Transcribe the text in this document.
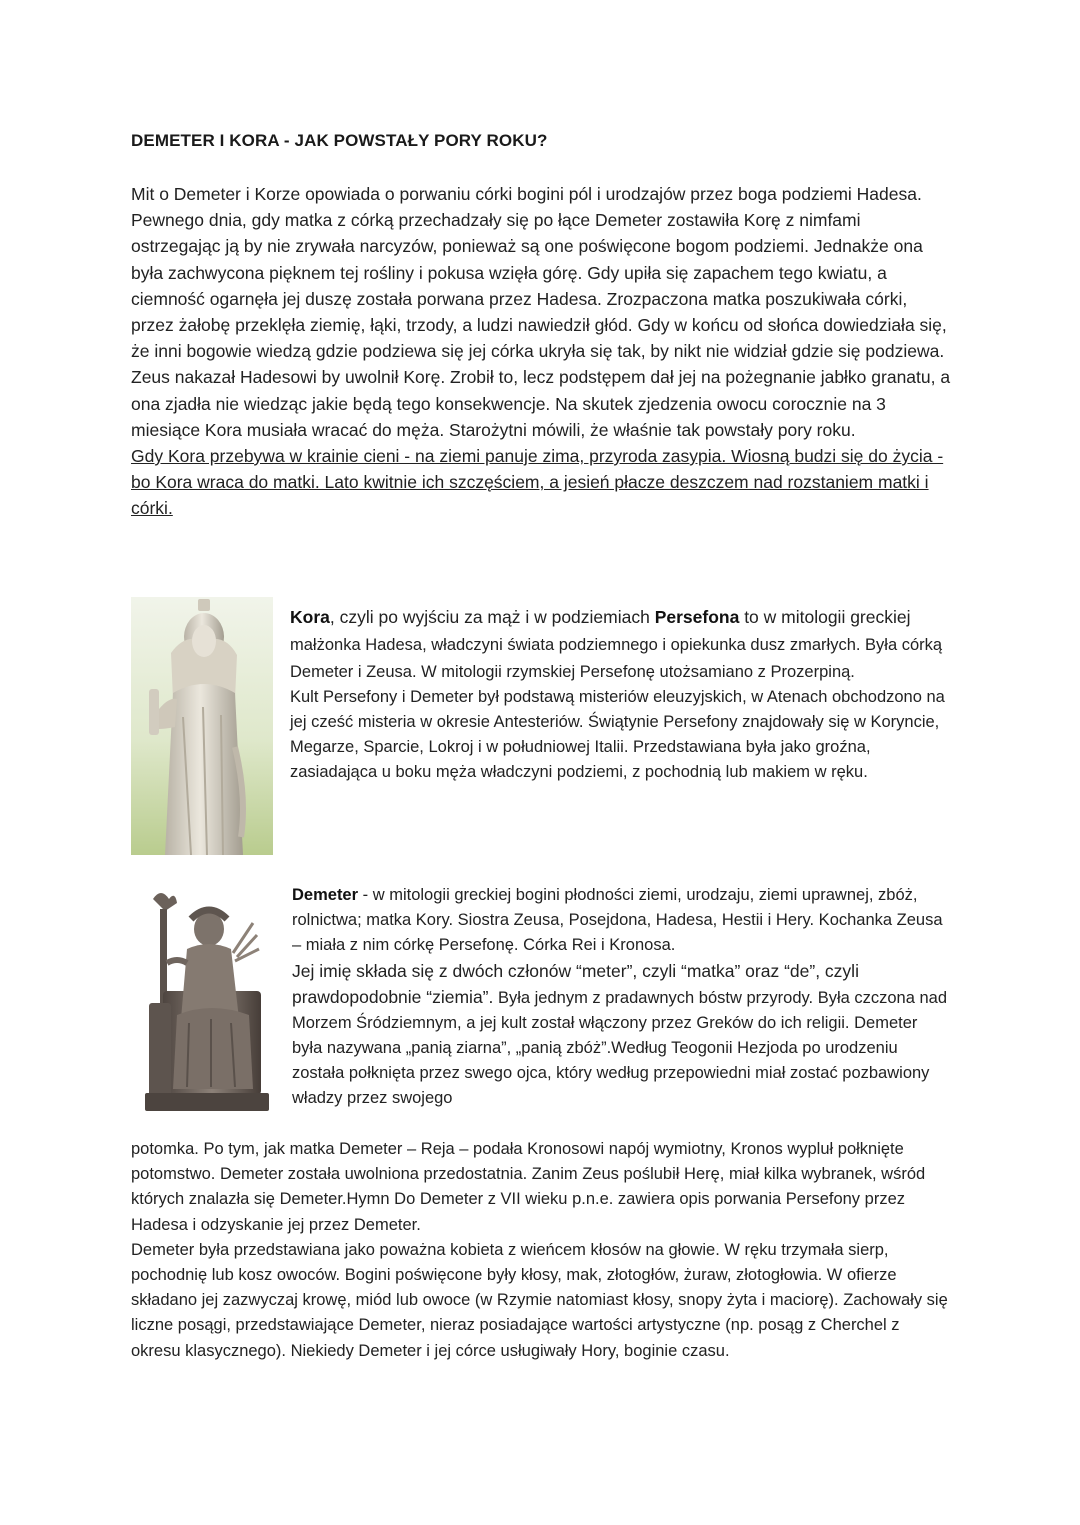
DEMETER I KORA - JAK POWSTAŁY PORY ROKU?

Mit o Demeter i Korze opowiada o porwaniu córki bogini pól i urodzajów przez boga podziemi Hadesa. Pewnego dnia, gdy matka z córką przechadzały się po łące Demeter zostawiła Korę z nimfami ostrzegając ją by nie zrywała narcyzów, ponieważ są one poświęcone bogom podziemi. Jednakże ona była zachwycona pięknem tej rośliny i pokusa wzięła górę. Gdy upiła się zapachem tego kwiatu, a ciemność ogarnęła jej duszę została porwana przez Hadesa. Zrozpaczona matka poszukiwała córki, przez żałobę przeklęła ziemię, łąki, trzody, a ludzi nawiedził głód. Gdy w końcu od słońca dowiedziała się, że inni bogowie wiedzą gdzie podziewa się jej córka ukryła się tak, by nikt nie widział gdzie się podziewa. Zeus nakazał Hadesowi by uwolnił Korę. Zrobił to, lecz podstępem dał jej na pożegnanie jabłko granatu, a ona zjadła nie wiedząc jakie będą tego konsekwencje. Na skutek zjedzenia owocu corocznie na 3 miesiące Kora musiała wracać do męża. Starożytni mówili, że właśnie tak powstały pory roku.
Gdy Kora przebywa w krainie cieni - na ziemi panuje zima, przyroda zasypia. Wiosną budzi się do życia - bo Kora wraca do matki. Lato kwitnie ich szczęściem, a jesień płacze deszczem nad rozstaniem matki i córki.

Kora, czyli po wyjściu za mąż i w podziemiach Persefona to w mitologii greckiej małżonka Hadesa, władczyni świata podziemnego i opiekunka dusz zmarłych. Była córką Demeter i Zeusa. W mitologii rzymskiej Persefonę utożsamiano z Prozerpiną.

Kult Persefony i Demeter był podstawą misteriów eleuzyjskich, w Atenach obchodzono na jej cześć misteria w okresie Antesteriów. Świątynie Persefony znajdowały się w Koryncie, Megarze, Sparcie, Lokroj i w południowej Italii. Przedstawiana była jako groźna, zasiadająca u boku męża władczyni podziemi, z pochodnią lub makiem w ręku.

Demeter - w mitologii greckiej bogini płodności ziemi, urodzaju, ziemi uprawnej, zbóż, rolnictwa; matka Kory. Siostra Zeusa, Posejdona, Hadesa, Hestii i Hery. Kochanka Zeusa – miała z nim córkę Persefonę. Córka Rei i Kronosa.

Jej imię składa się z dwóch członów “meter”, czyli “matka” oraz “de”, czyli prawdopodobnie “ziemia”. Była jednym z pradawnych bóstw przyrody. Była czczona nad Morzem Śródziemnym, a jej kult został włączony przez Greków do ich religii. Demeter była nazywana „panią ziarna”, „panią zbóż”.Według Teogonii Hezjoda po urodzeniu została połknięta przez swego ojca, który według przepowiedni miał zostać pozbawiony władzy przez swojego

potomka. Po tym, jak matka Demeter – Reja – podała Kronosowi napój wymiotny, Kronos wypluł połknięte potomstwo. Demeter została uwolniona przedostatnia. Zanim Zeus poślubił Herę, miał kilka wybranek, wśród których znalazła się Demeter.Hymn Do Demeter z VII wieku p.n.e. zawiera opis porwania Persefony przez Hadesa i odzyskanie jej przez Demeter.

Demeter była przedstawiana jako poważna kobieta z wieńcem kłosów na głowie. W ręku trzymała sierp, pochodnię lub kosz owoców. Bogini poświęcone były kłosy, mak, złotogłów, żuraw, złotogłowia. W ofierze składano jej zazwyczaj krowę, miód lub owoce (w Rzymie natomiast kłosy, snopy żyta i maciorę). Zachowały się liczne posągi, przedstawiające Demeter, nieraz posiadające wartości artystyczne (np. posąg z Cherchel z okresu klasycznego). Niekiedy Demeter i jej córce usługiwały Hory, boginie czasu.
